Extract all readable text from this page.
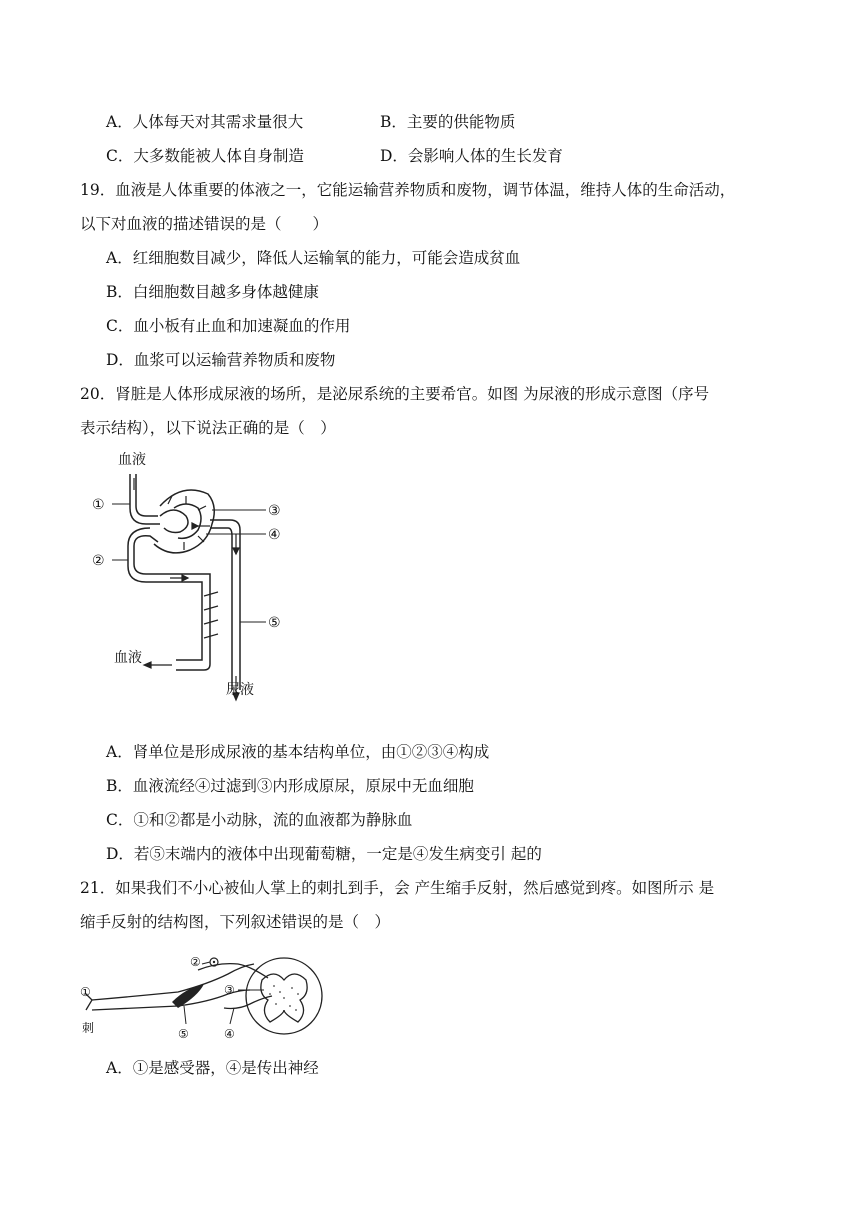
A．人体每天对其需求量很大	B．主要的供能物质
C．大多数能被人体自身制造	D．会影响人体的生长发育
19．血液是人体重要的体液之一，它能运输营养物质和废物，调节体温，维持人体的生命活动，
以下对血液的描述错误的是（　　）
A．红细胞数目减少，降低人运输氧的能力，可能会造成贫血
B．白细胞数目越多身体越健康
C．血小板有止血和加速凝血的作用
D．血浆可以运输营养物质和废物
20．肾脏是人体形成尿液的场所，是泌尿系统的主要希官。如图 为尿液的形成示意图（序号
表示结构），以下说法正确的是（　）
血液
①
②
③
④
⑤
血液
尿液
A．肾单位是形成尿液的基本结构单位，由①②③④构成
B．血液流经④过滤到③内形成原尿，原尿中无血细胞
C．①和②都是小动脉，流的血液都为静脉血
D．若⑤末端内的液体中出现葡萄糖，一定是④发生病变引 起的
21．如果我们不小心被仙人掌上的刺扎到手，会 产生缩手反射，然后感觉到疼。如图所示 是
缩手反射的结构图，下列叙述错误的是（　）
①
刺
②
③
⑤	④
A．①是感受器，④是传出神经
